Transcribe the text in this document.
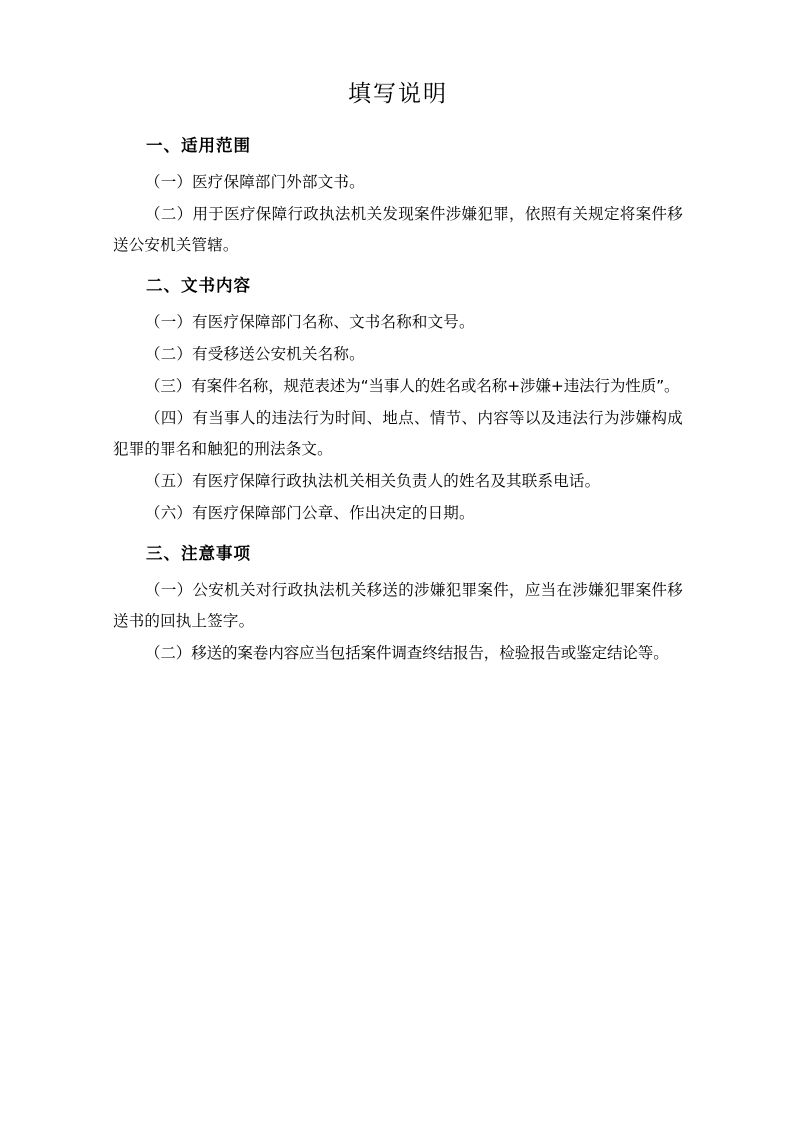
填写说明
一、适用范围

（一）医疗保障部门外部文书。

（二）用于医疗保障行政执法机关发现案件涉嫌犯罪，依照有关规定将案件移送公安机关管辖。

二、文书内容

（一）有医疗保障部门名称、文书名称和文号。

（二）有受移送公安机关名称。

（三）有案件名称，规范表述为“当事人的姓名或名称+涉嫌+违法行为性质”。

（四）有当事人的违法行为时间、地点、情节、内容等以及违法行为涉嫌构成犯罪的罪名和触犯的刑法条文。

（五）有医疗保障行政执法机关相关负责人的姓名及其联系电话。

（六）有医疗保障部门公章、作出决定的日期。

三、注意事项

（一）公安机关对行政执法机关移送的涉嫌犯罪案件，应当在涉嫌犯罪案件移送书的回执上签字。

（二）移送的案卷内容应当包括案件调查终结报告，检验报告或鉴定结论等。
